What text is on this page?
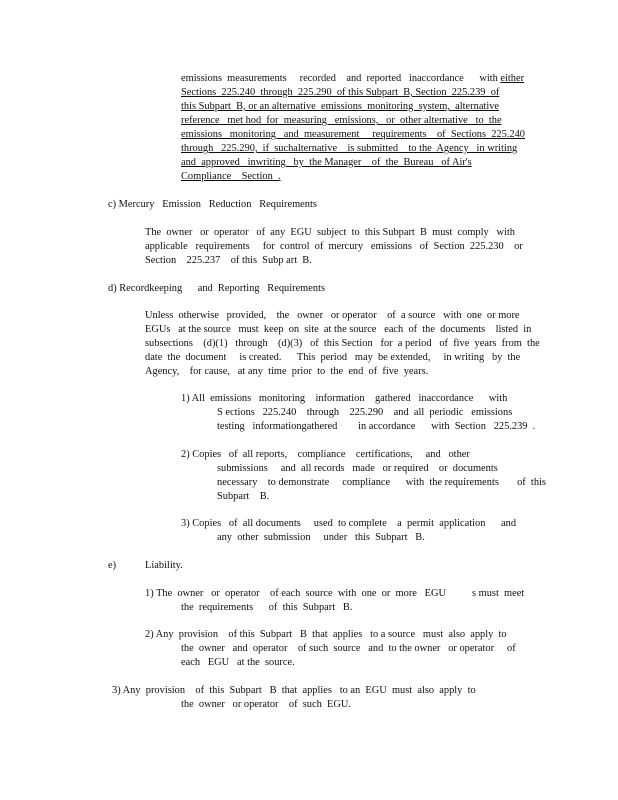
emissions  measurements     recorded    and  reported   inaccordance      with either
Sections  225.240  through  225.290  of this Subpart  B, Section  225.239  of
this Subpart  B, or an alternative  emissions  monitoring  system,  alternative
reference   met hod  for  measuring   emissions,   or  other alternative   to  the
emissions   monitoring   and  measurement     requirements    of  Sections  225.240
through   225.290,  if  suchalternative    is submitted    to the  Agency   in writing
and  approved   inwriting   by  the Manager    of  the  Bureau   of Air's
Compliance    Section  .
c) Mercury   Emission   Reduction   Requirements
The  owner   or  operator   of  any  EGU  subject  to  this Subpart  B  must  comply   with
applicable   requirements     for  control  of  mercury   emissions   of  Section  225.230    or
Section    225.237    of this  Subp art  B.
d) Recordkeeping      and  Reporting   Requirements
Unless  otherwise   provided,    the   owner   or operator    of  a source   with  one  or more
EGUs   at the source   must  keep  on  site  at the source   each  of  the  documents    listed  in
subsections    (d)(1)   through    (d)(3)   of  this Section   for  a period   of  five  years  from  the
date  the  document     is created.      This  period   may  be extended,     in writing   by  the
Agency,    for cause,   at any  time  prior  to  the  end  of  five  years.
1) All  emissions   monitoring    information    gathered   inaccordance      with
S ections   225.240    through    225.290    and  all  periodic   emissions
testing   informationgathered        in accordance      with  Section   225.239  .
2) Copies   of  all reports,    compliance    certifications,     and   other
submissions     and  all records   made   or required    or  documents
necessary    to demonstrate     compliance      with  the requirements       of  this
Subpart    B.
3) Copies   of  all documents     used  to complete    a  permit  application      and
any  other  submission     under   this  Subpart   B.
e)	Liability.
1) The  owner   or  operator    of each  source  with  one  or  more   EGU          s must  meet
the  requirements      of  this  Subpart   B.
2) Any  provision    of this  Subpart   B  that  applies   to a source   must  also  apply  to
the  owner   and  operator    of such  source   and  to the owner   or operator     of
each   EGU   at the  source.
3) Any  provision    of  this  Subpart   B  that  applies   to an  EGU  must  also  apply  to
the  owner   or operator    of  such  EGU.
